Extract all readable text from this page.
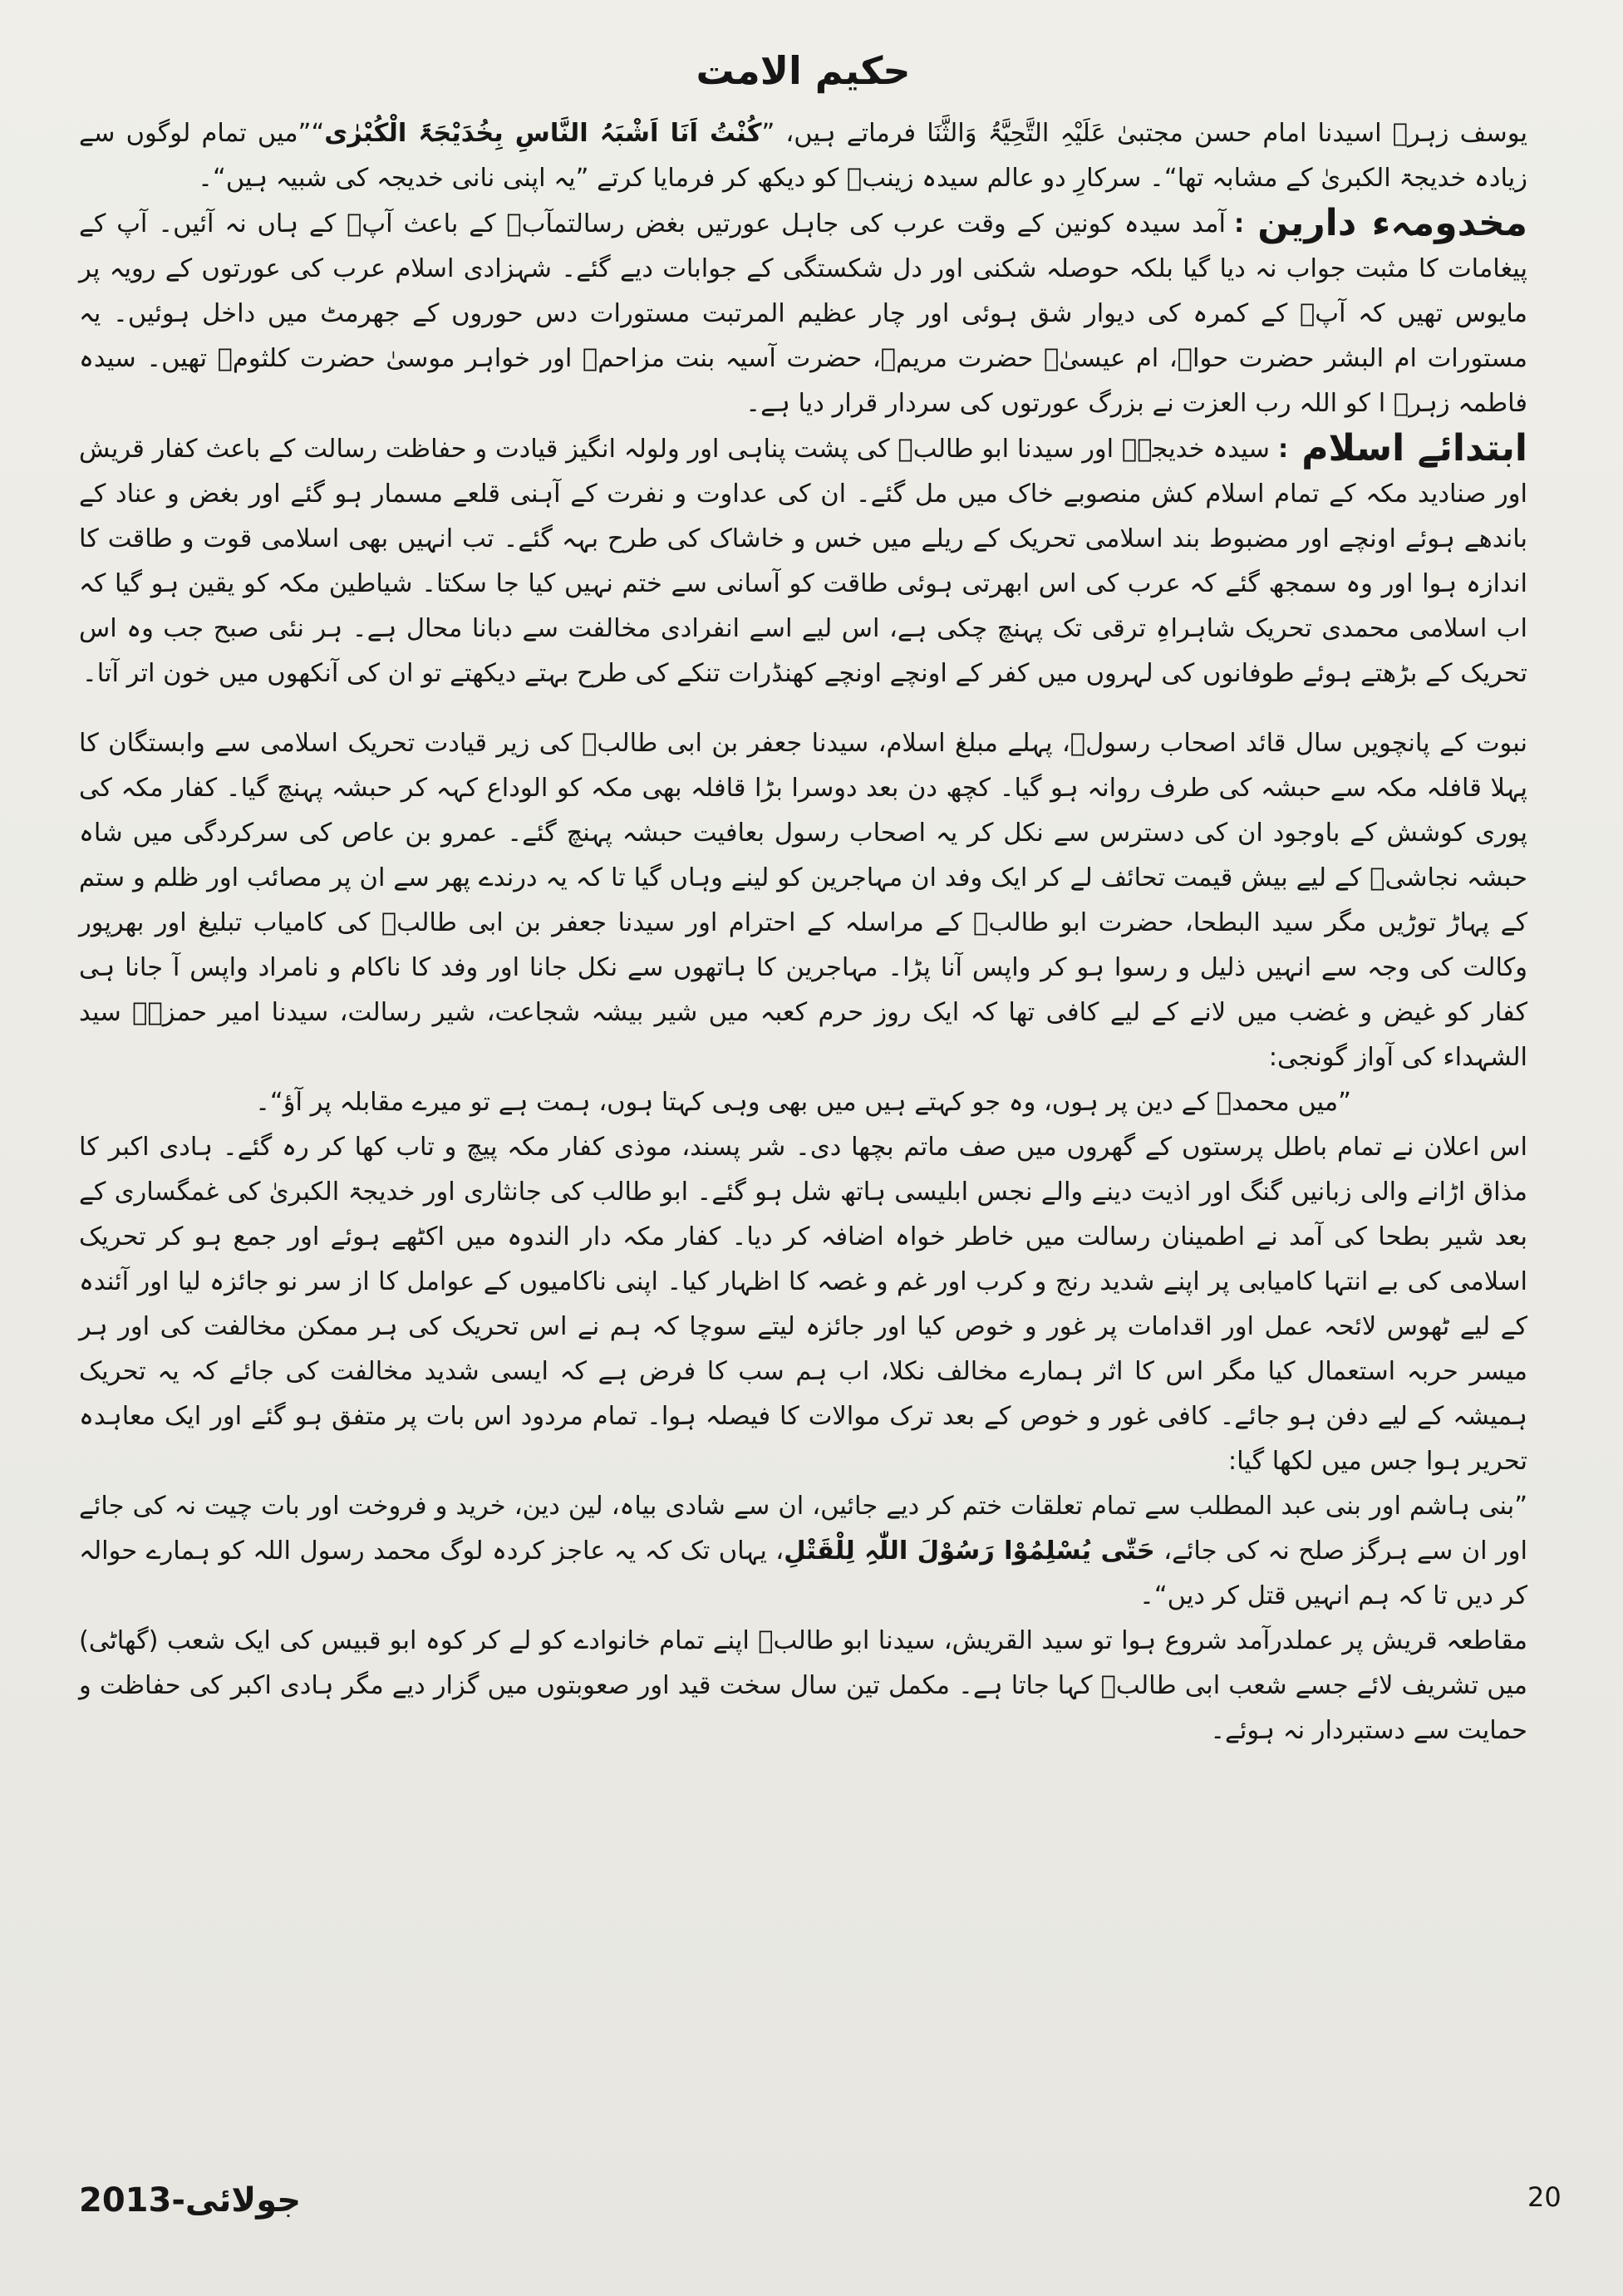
حکیم الامت

یوسف زہرؑ اسیدنا امام حسن مجتبیٰ عَلَیْہِ التَّحِیَّۃُ وَالثَّنَا فرماتے ہیں، ”کُنْتُ اَنَا اَشْبَہُ النَّاسِ بِخُدَیْجَۃَ الْکُبْرٰی“”میں تمام لوگوں سے زیادہ خدیجۃ الکبریٰ کے مشابہ تھا“۔ سرکارِ دو عالم سیدہ زینبؑ کو دیکھ کر فرمایا کرتے ”یہ اپنی نانی خدیجہ کی شبیہ ہیں“۔

مخدومہء دارین:آمد سیدہ کونین کے وقت عرب کی جاہل عورتیں بغض رسالتمآبؐ کے باعث آپؑ کے ہاں نہ آئیں۔ آپ کے پیغامات کا مثبت جواب نہ دیا گیا بلکہ حوصلہ شکنی اور دل شکستگی کے جوابات دیے گئے۔ شہزادی اسلام عرب کی عورتوں کے رویہ پر مایوس تھیں کہ آپؑ کے کمرہ کی دیوار شق ہوئی اور چار عظیم المرتبت مستورات دس حوروں کے جھرمٹ میں داخل ہوئیں۔ یہ مستورات ام البشر حضرت حواؑ، ام عیسیٰؑ حضرت مریمؑ، حضرت آسیہ بنت مزاحمؑ اور خواہر موسیٰ حضرت کلثومؑ تھیں۔ سیدہ فاطمہ زہرؑ ا کو اللہ رب العزت نے بزرگ عورتوں کی سردار قرار دیا ہے۔

ابتدائے اسلام:سیدہ خدیجہؑ اور سیدنا ابو طالبؑ کی پشت پناہی اور ولولہ انگیز قیادت و حفاظت رسالت کے باعث کفار قریش اور صنادید مکہ کے تمام اسلام کش منصوبے خاک میں مل گئے۔ ان کی عداوت و نفرت کے آہنی قلعے مسمار ہو گئے اور بغض و عناد کے باندھے ہوئے اونچے اور مضبوط بند اسلامی تحریک کے ریلے میں خس و خاشاک کی طرح بہہ گئے۔ تب انہیں بھی اسلامی قوت و طاقت کا اندازہ ہوا اور وہ سمجھ گئے کہ عرب کی اس ابھرتی ہوئی طاقت کو آسانی سے ختم نہیں کیا جا سکتا۔ شیاطین مکہ کو یقین ہو گیا کہ اب اسلامی محمدی تحریک شاہراہِ ترقی تک پہنچ چکی ہے، اس لیے اسے انفرادی مخالفت سے دبانا محال ہے۔ ہر نئی صبح جب وہ اس تحریک کے بڑھتے ہوئے طوفانوں کی لہروں میں کفر کے اونچے اونچے کھنڈرات تنکے کی طرح بہتے دیکھتے تو ان کی آنکھوں میں خون اتر آتا۔

نبوت کے پانچویں سال قائد اصحاب رسولؐ، پہلے مبلغ اسلام، سیدنا جعفر بن ابی طالبؑ کی زیر قیادت تحریک اسلامی سے وابستگان کا پہلا قافلہ مکہ سے حبشہ کی طرف روانہ ہو گیا۔ کچھ دن بعد دوسرا بڑا قافلہ بھی مکہ کو الوداع کہہ کر حبشہ پہنچ گیا۔ کفار مکہ کی پوری کوشش کے باوجود ان کی دسترس سے نکل کر یہ اصحاب رسول بعافیت حبشہ پہنچ گئے۔ عمرو بن عاص کی سرکردگی میں شاہ حبشہ نجاشیؓ کے لیے بیش قیمت تحائف لے کر ایک وفد ان مہاجرین کو لینے وہاں گیا تا کہ یہ درندے پھر سے ان پر مصائب اور ظلم و ستم کے پہاڑ توڑیں مگر سید البطحا، حضرت ابو طالبؑ کے مراسلہ کے احترام اور سیدنا جعفر بن ابی طالبؑ کی کامیاب تبلیغ اور بھرپور وکالت کی وجہ سے انہیں ذلیل و رسوا ہو کر واپس آنا پڑا۔ مہاجرین کا ہاتھوں سے نکل جانا اور وفد کا ناکام و نامراد واپس آ جانا ہی کفار کو غیض و غضب میں لانے کے لیے کافی تھا کہ ایک روز حرم کعبہ میں شیر بیشہ شجاعت، شیر رسالت، سیدنا امیر حمزہؑ سید الشہداء کی آواز گونجی:

”میں محمدؐ کے دین پر ہوں، وہ جو کہتے ہیں میں بھی وہی کہتا ہوں، ہمت ہے تو میرے مقابلہ پر آؤ“۔

اس اعلان نے تمام باطل پرستوں کے گھروں میں صف ماتم بچھا دی۔ شر پسند، موذی کفار مکہ پیچ و تاب کھا کر رہ گئے۔ ہادی اکبر کا مذاق اڑانے والی زبانیں گنگ اور اذیت دینے والے نجس ابلیسی ہاتھ شل ہو گئے۔ ابو طالب کی جانثاری اور خدیجۃ الکبریٰ کی غمگساری کے بعد شیر بطحا کی آمد نے اطمینان رسالت میں خاطر خواہ اضافہ کر دیا۔ کفار مکہ دار الندوہ میں اکٹھے ہوئے اور جمع ہو کر تحریک اسلامی کی بے انتہا کامیابی پر اپنے شدید رنج و کرب اور غم و غصہ کا اظہار کیا۔ اپنی ناکامیوں کے عوامل کا از سر نو جائزہ لیا اور آئندہ کے لیے ٹھوس لائحہ عمل اور اقدامات پر غور و خوص کیا اور جائزہ لیتے سوچا کہ ہم نے اس تحریک کی ہر ممکن مخالفت کی اور ہر میسر حربہ استعمال کیا مگر اس کا اثر ہمارے مخالف نکلا، اب ہم سب کا فرض ہے کہ ایسی شدید مخالفت کی جائے کہ یہ تحریک ہمیشہ کے لیے دفن ہو جائے۔ کافی غور و خوص کے بعد ترک موالات کا فیصلہ ہوا۔ تمام مردود اس بات پر متفق ہو گئے اور ایک معاہدہ تحریر ہوا جس میں لکھا گیا:

”بنی ہاشم اور بنی عبد المطلب سے تمام تعلقات ختم کر دیے جائیں، ان سے شادی بیاہ، لین دین، خرید و فروخت اور بات چیت نہ کی جائے اور ان سے ہرگز صلح نہ کی جائے، حَتّٰی یُسْلِمُوْا رَسُوْلَ اللّٰہِ لِلْقَتْلِ، یہاں تک کہ یہ عاجز کردہ لوگ محمد رسول اللہ کو ہمارے حوالہ کر دیں تا کہ ہم انہیں قتل کر دیں“۔

مقاطعہ قریش پر عملدرآمد شروع ہوا تو سید القریش، سیدنا ابو طالبؑ اپنے تمام خانوادے کو لے کر کوہ ابو قبیس کی ایک شعب (گھاٹی) میں تشریف لائے جسے شعب ابی طالبؑ کہا جاتا ہے۔ مکمل تین سال سخت قید اور صعوبتوں میں گزار دیے مگر ہادی اکبر کی حفاظت و حمایت سے دستبردار نہ ہوئے۔

جولائی-2013	20
